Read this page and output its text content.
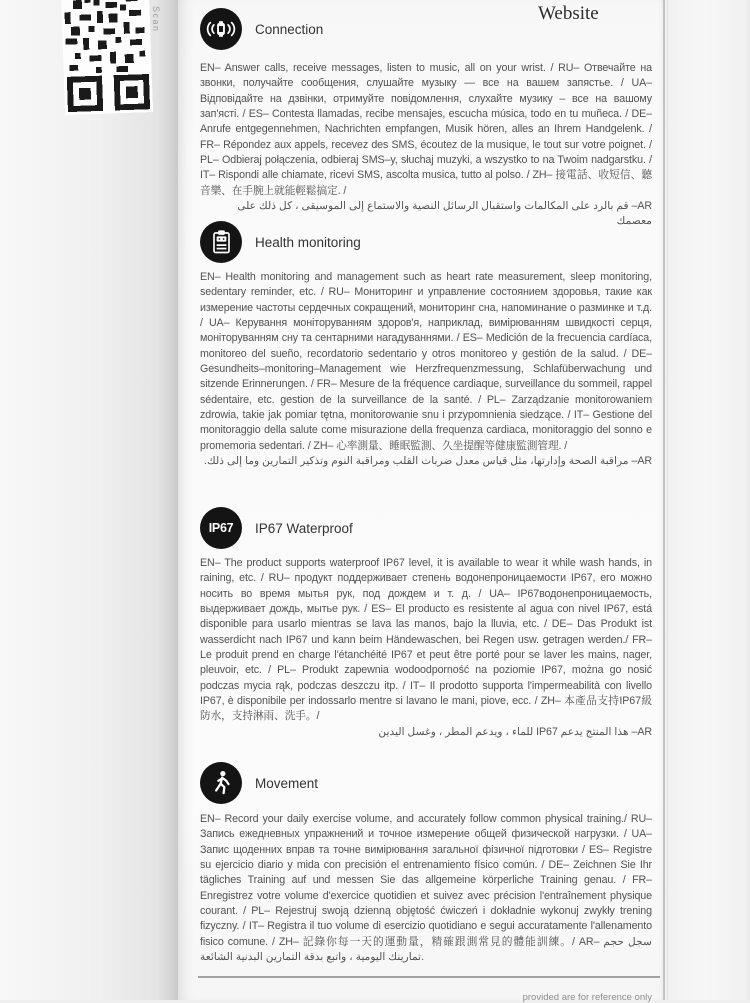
Scan	Website
Connection
EN– Answer calls, receive messages, listen to music, all on your wrist. / RU– Отвечайте на звонки, получайте сообщения, слушайте музыку — все на вашем запястье. / UA– Відповідайте на дзвінки, отримуйте повідомлення, слухайте музику – все на вашому зап'ясті. / ES– Contesta llamadas, recibe mensajes, escucha música, todo en tu muñeca. / DE– Anrufe entgegennehmen, Nachrichten empfangen, Musik hören, alles an Ihrem Handgelenk. / FR– Répondez aux appels, recevez des SMS, écoutez de la musique, le tout sur votre poignet. / PL– Odbieraj połączenia, odbieraj SMS–y, słuchaj muzyki, a wszystko to na Twoim nadgarstku. / IT– Rispondi alle chiamate, ricevi SMS, ascolta musica, tutto al polso. / ZH– 接電話、收短信、聽音樂、在手腕上就能輕鬆搞定. /
AR– قم بالرد على المكالمات واستقبال الرسائل النصية والاستماع إلى الموسيقى ، كل ذلك على معصمك
Health monitoring
EN– Health monitoring and management such as heart rate measurement, sleep monitoring, sedentary reminder, etc. / RU– Мониторинг и управление состоянием здоровья, такие как измерение частоты сердечных сокращений, мониторинг сна, напоминание о разминке и т.д. / UA– Керування моніторуванням здоров'я, наприклад, вимірюванням швидкості серця, моніторуванням сну та сентарними нагадуваннями. / ES– Medición de la frecuencia cardíaca, monitoreo del sueño, recordatorio sedentario y otros monitoreo y gestión de la salud. / DE– Gesundheits–monitoring–Management wie Herzfrequenzmessung, Schlafüberwachung und sitzende Erinnerungen. / FR– Mesure de la fréquence cardiaque, surveillance du sommeil, rappel sédentaire, etc. gestion de la surveillance de la santé. / PL– Zarządzanie monitorowaniem zdrowia, takie jak pomiar tętna, monitorowanie snu i przypomnienia siedzące. / IT– Gestione del monitoraggio della salute come misurazione della frequenza cardiaca, monitoraggio del sonno e promemoria sedentari. / ZH– 心率測量、睡眠監測、久坐提醒等健康監測管理. /
AR– مراقبة الصحة وإدارتها، مثل قياس معدل ضربات القلب ومراقبة النوم وتذكير التمارين وما إلى ذلك.
IP67 IP67 Waterproof
EN– The product supports waterproof IP67 level, it is available to wear it while wash hands, in raining, etc. / RU– продукт поддерживает степень водонепроницаемости IP67, его можно носить во время мытья рук, под дождем и т. д. / UA– IP67водонепроницаемость, выдерживает дождь, мытье рук. / ES– El producto es resistente al agua con nivel IP67, está disponible para usarlo mientras se lava las manos, bajo la lluvia, etc. / DE– Das Produkt ist wasserdicht nach IP67 und kann beim Händewaschen, bei Regen usw. getragen werden./ FR– Le produit prend en charge l'étanchéité IP67 et peut être porté pour se laver les mains, nager, pleuvoir, etc. / PL– Produkt zapewnia wodoodporność na poziomie IP67, można go nosić podczas mycia rąk, podczas deszczu itp. / IT– Il prodotto supporta l'impermeabilità con livello IP67, è disponibile per indossarlo mentre si lavano le mani, piove, ecc. / ZH– 本產品支持IP67級防水，支持淋雨、洗手。/
AR– هذا المنتج يدعم IP67 للماء ، ويدعم المطر ، وغسل اليدين
Movement
EN– Record your daily exercise volume, and accurately follow common physical training./ RU– Запись ежедневных упражнений и точное измерение общей физической нагрузки. / UA– Запис щоденних вправ та точне вимірювання загальної фізичної підготовки / ES– Registre su ejercicio diario y mida con precisión el entrenamiento físico común. / DE– Zeichnen Sie Ihr tägliches Training auf und messen Sie das allgemeine körperliche Training genau. / FR– Enregistrez votre volume d'exercice quotidien et suivez avec précision l'entraînement physique courant. / PL– Rejestruj swoją dzienną objętość ćwiczeń i dokładnie wykonuj zwykły trening fizyczny. / IT– Registra il tuo volume di esercizio quotidiano e segui accuratamente l'allenamento fisico comune. / ZH– 記錄你每一天的運動量，精確跟測常見的體能訓練。/ AR– سجل حجم تمارينك اليومية ، واتبع بدقة التمارين البدنية الشائعة.
provided are for reference only
